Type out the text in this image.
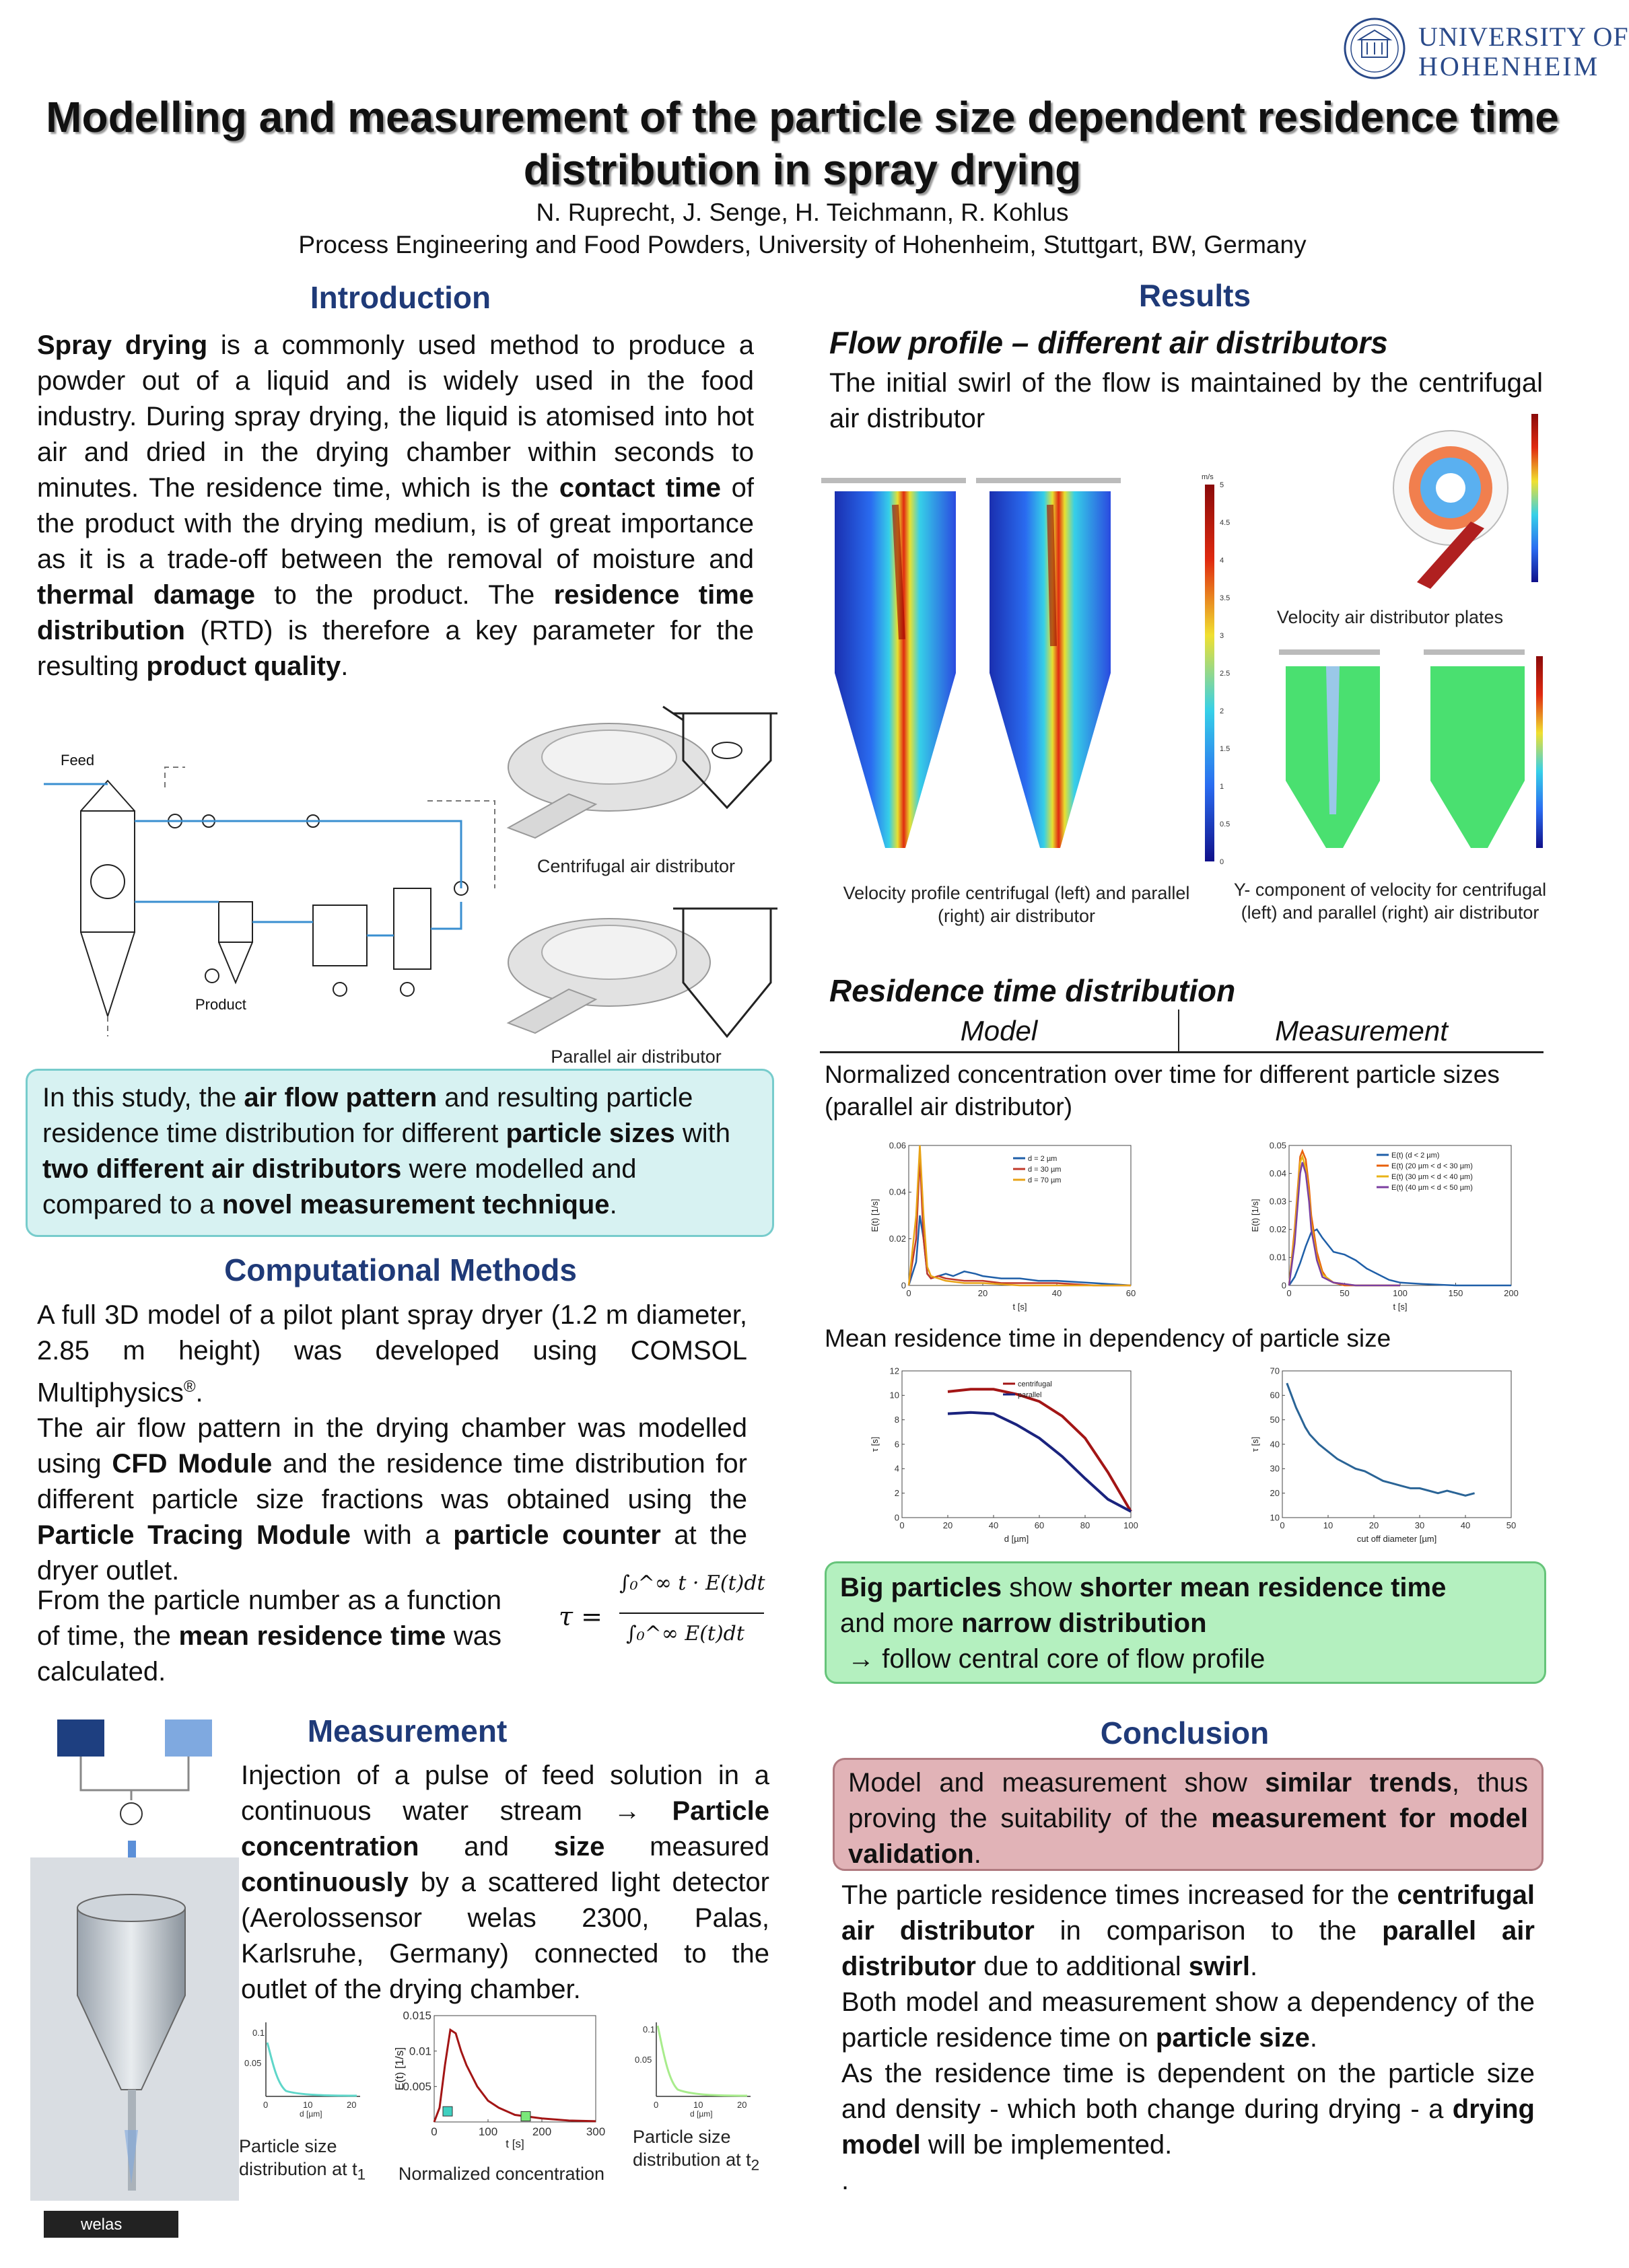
UNIVERSITY OF
HOHENHEIM
Modelling and measurement of the particle size dependent residence time
distribution in spray drying
N. Ruprecht, J. Senge, H. Teichmann, R. Kohlus
Process Engineering and Food Powders, University of Hohenheim, Stuttgart, BW, Germany
Introduction
Spray drying is a commonly used method to produce a powder out of a liquid and is widely used in the food industry. During spray drying, the liquid is atomised into hot air and dried in the drying chamber within seconds to minutes. The residence time, which is the contact time of the product with the drying medium, is of great importance as it is a trade-off between the removal of moisture and thermal damage to the product. The residence time distribution (RTD) is therefore a key parameter for the resulting product quality.
Feed
Product
Centrifugal air distributor
Parallel air distributor
In this study, the air flow pattern and resulting particle residence time distribution for different particle sizes with two different air distributors were modelled and compared to a novel measurement technique.
Computational Methods
A full 3D model of a pilot plant spray dryer (1.2 m diameter, 2.85 m height) was developed using COMSOL Multiphysics®.
The air flow pattern in the drying chamber was modelled using CFD Module and the residence time distribution for different particle size fractions was obtained using the Particle Tracing Module with a particle counter at the dryer outlet.
From the particle number as a function of time, the mean residence time was calculated.
τ =
∫₀^∞ t · E(t)dt
∫₀^∞ E(t)dt
Measurement
Injection of a pulse of feed solution in a continuous water stream → Particle concentration and size measured continuously by a scattered light detector (Aerolossensor welas 2300, Palas, Karlsruhe, Germany) connected to the outlet of the drying chamber.
welas
0.1
0.05
0	10	20
d [µm]
Particle size distribution at $t_1$
0	100	200	300
0.005
0.01
0.015
t [s]
E(t) [1/s]
Normalized concentration
0.1
0.05
0	10	20
d [µm]
Particle size distribution at $t_2$
Results
Flow profile – different air distributors
The initial swirl of the flow is maintained by the centrifugal air distributor
m/s
5
4.5
4
3.5
3
2.5
2
1.5
1
0.5
0
Velocity air distributor plates
Velocity profile centrifugal (left) and parallel (right) air distributor
Y- component of velocity for centrifugal (left) and parallel (right) air distributor
Residence time distribution
Model	Measurement
Normalized concentration over time for different particle sizes (parallel air distributor)
0	20	40	60
0
0.02
0.04
0.06
t [s]
E(t) [1/s]
d = 2 µm
d = 30 µm
d = 70 µm
0	50	100	150	200
0
0.01
0.02
0.03
0.04
0.05
t [s]
E(t) [1/s]
E(t) (d < 2 µm)
E(t) (20 µm < d < 30 µm)
E(t) (30 µm < d < 40 µm)
E(t) (40 µm < d < 50 µm)
Mean residence time in dependency of particle size
0	20	40	60	80	100
0
2
4
6
8
10
12
d [µm]
τ [s]
centrifugal
parallel
0	10	20	30	40	50
10
20
30
40
50
60
70
cut off diameter [µm]
τ [s]
Big particles show shorter mean residence time
and more narrow distribution
→ follow central core of flow profile
Conclusion
Model and measurement show similar trends, thus proving the suitability of the measurement for model validation.
The particle residence times increased for the centrifugal air distributor in comparison to the parallel air distributor due to additional swirl.
Both model and measurement show a dependency of the particle residence time on particle size.
As the residence time is dependent on the particle size and density - which both change during drying - a drying model will be implemented.
.
